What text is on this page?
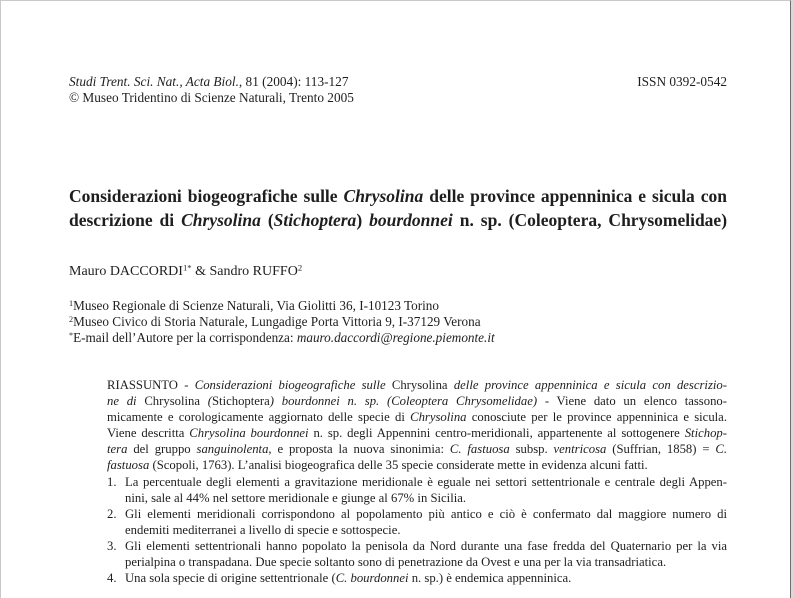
Studi Trent. Sci. Nat., Acta Biol., 81 (2004): 113-127	ISSN 0392-0542
© Museo Tridentino di Scienze Naturali, Trento 2005
Considerazioni biogeografiche sulle Chrysolina delle province appenninica e sicula con
descrizione di Chrysolina (Stichoptera) bourdonnei n. sp. (Coleoptera, Chrysomelidae)
Mauro $DACCORDI^{1*}$ & Sandro RUFFO$^2$
$^1$Museo Regionale di Scienze Naturali, Via Giolitti 36, I-10123 Torino
$^2$Museo Civico di Storia Naturale, Lungadige Porta Vittoria 9, I-37129 Verona
*E-mail dell’Autore per la corrispondenza: mauro.daccordi@regione.piemonte.it
RIASSUNTO - Considerazioni biogeografiche sulle Chrysolina delle province appenninica e sicula con descrizio-
ne di Chrysolina (Stichoptera) bourdonnei n. sp. (Coleoptera Chrysomelidae) - Viene dato un elenco tassono-
micamente e corologicamente aggiornato delle specie di Chrysolina conosciute per le province appenninica e sicula.
Viene descritta Chrysolina bourdonnei n. sp. degli Appennini centro-meridionali, appartenente al sottogenere Stichop-
tera del gruppo sanguinolenta, e proposta la nuova sinonimia: C. fastuosa subsp. ventricosa (Suffrian, 1858) = C.
fastuosa (Scopoli, 1763). L’analisi biogeografica delle 35 specie considerate mette in evidenza alcuni fatti.
1. La percentuale degli elementi a gravitazione meridionale è eguale nei settori settentrionale e centrale degli Appen-
nini, sale al 44% nel settore meridionale e giunge al 67% in Sicilia.
2. Gli elementi meridionali corrispondono al popolamento più antico e ciò è confermato dal maggiore numero di
endemiti mediterranei a livello di specie e sottospecie.
3. Gli elementi settentrionali hanno popolato la penisola da Nord durante una fase fredda del Quaternario per la via
perialpina o transpadana. Due specie soltanto sono di penetrazione da Ovest e una per la via transadriatica.
4. Una sola specie di origine settentrionale (C. bourdonnei n. sp.) è endemica appenninica.
